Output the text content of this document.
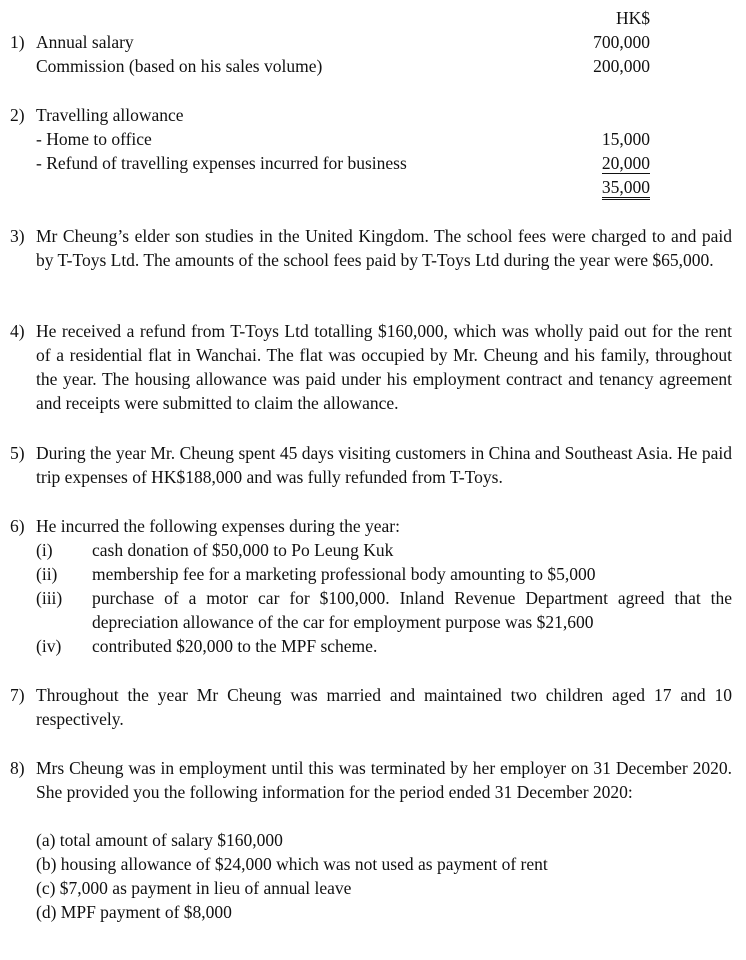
HK$
1) Annual salary	700,000
Commission (based on his sales volume)	200,000
2) Travelling allowance
- Home to office	15,000
- Refund of travelling expenses incurred for business	20,000
35,000
3) Mr Cheung’s elder son studies in the United Kingdom. The school fees were charged to and paid by T-Toys Ltd. The amounts of the school fees paid by T-Toys Ltd during the year were $65,000.
4) He received a refund from T-Toys Ltd totalling $160,000, which was wholly paid out for the rent of a residential flat in Wanchai. The flat was occupied by Mr. Cheung and his family, throughout the year. The housing allowance was paid under his employment contract and tenancy agreement and receipts were submitted to claim the allowance.
5) During the year Mr. Cheung spent 45 days visiting customers in China and Southeast Asia. He paid trip expenses of HK$188,000 and was fully refunded from T-Toys.
6) He incurred the following expenses during the year:
(i) cash donation of $50,000 to Po Leung Kuk
(ii) membership fee for a marketing professional body amounting to $5,000
(iii) purchase of a motor car for $100,000. Inland Revenue Department agreed that the depreciation allowance of the car for employment purpose was $21,600
(iv) contributed $20,000 to the MPF scheme.
7) Throughout the year Mr Cheung was married and maintained two children aged 17 and 10 respectively.
8) Mrs Cheung was in employment until this was terminated by her employer on 31 December 2020. She provided you the following information for the period ended 31 December 2020:
(a) total amount of salary $160,000
(b) housing allowance of $24,000 which was not used as payment of rent
(c) $7,000 as payment in lieu of annual leave
(d) MPF payment of $8,000
